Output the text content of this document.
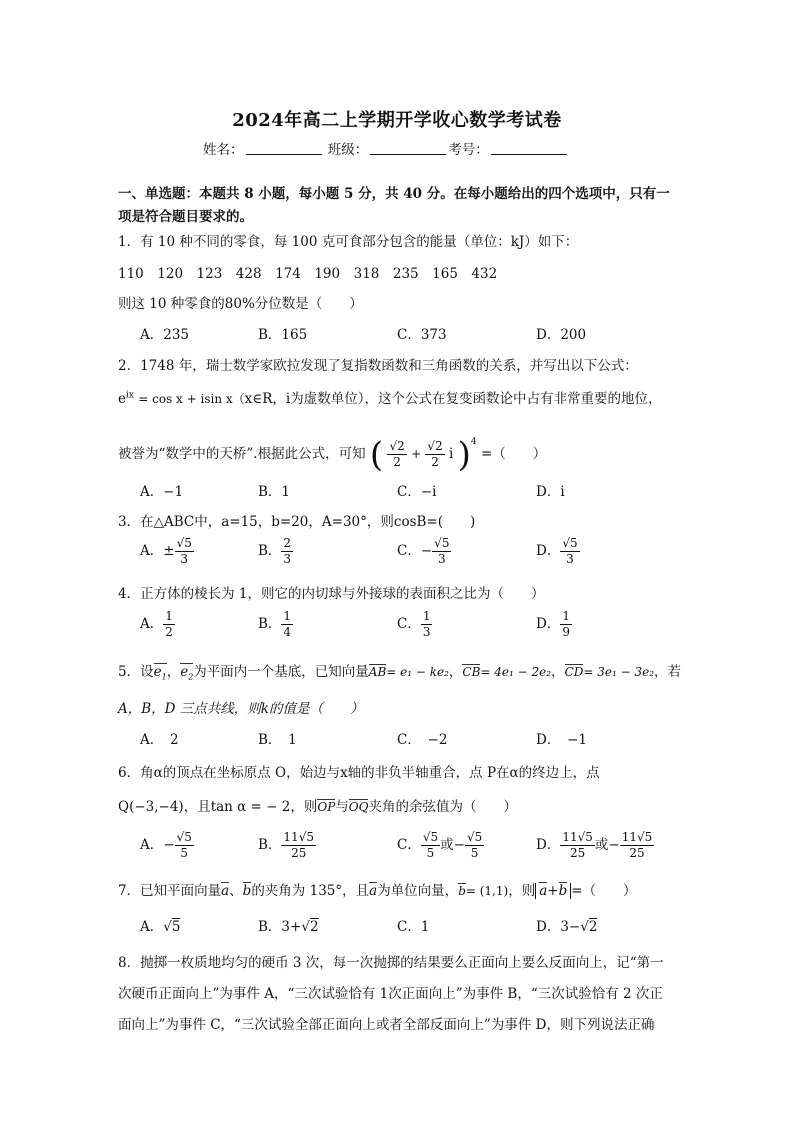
2024年高二上学期开学收心数学考试卷
姓名：	班级：	考号：
一、单选题：本题共 8 小题，每小题 5 分，共 40 分。在每小题给出的四个选项中，只有一
项是符合题目要求的。
1．有 10 种不同的零食，每 100 克可食部分包含的能量（单位：kJ）如下：
110　120　123　428　174　190　318　235　165　432
则这 10 种零食的80%分位数是（　　）
A．235	B．165	C．373	D．200
2．1748 年，瑞士数学家欧拉发现了复指数函数和三角函数的关系，并写出以下公式：
$e^{ix} = \cos x + isin$ x（x∈R，i为虚数单位），这个公式在复变函数论中占有非常重要的地位，
被誉为“数学中的天桥”.根据此公式，可知 ( $\frac{√2}{2} + \frac{√2}{2}$ i )$^4$ =（　　）
A．−1	B．1	C．−i	D．i
3．在△ABC中，a=15，b=20，A=30°，则cosB=(　　)
A．± $\frac{√5}{3}$	B． $\frac{2}{3}$	C．− $\frac{√5}{3}$	D． $\frac{√5}{3}$
4．正方体的棱长为 1，则它的内切球与外接球的表面积之比为（　　）
A． $\frac{1}{2}$	B． $\frac{1}{4}$	C． $\frac{1}{3}$	D． $\frac{1}{9}$
5．设$e_1$，$e_2$为平面内一个基底，已知向量AB= e₁ − ke₂，CB= 4e₁ − 2e₂，CD= 3e₁ − 3e₂，若
A，B，D 三点共线，则k的值是（　　）
A．　2	B．　1	C．　−2	D．　−1
6．角α的顶点在坐标原点 O，始边与x轴的非负半轴重合，点 P在α的终边上，点
Q(−3,−4)，且tan α = − 2，则OP与OQ夹角的余弦值为（　　）
A．− $\frac{√5}{5}$	B． $\frac{11√5}{25}$	C． $\frac{√5}{5}$ 或− $\frac{√5}{5}$	D． $\frac{11√5}{25}$ 或− $\frac{11√5}{25}$
7．已知平面向量a、b的夹角为 135°，且a为单位向量，b= (1,1)，则 a+b =（　　）
A．√5	B．3+√2	C．1	D．3−√2
8．抛掷一枚质地均匀的硬币 3 次，每一次抛掷的结果要么正面向上要么反面向上，记“第一
次硬币正面向上”为事件 A，“三次试验恰有 1次正面向上”为事件 B，“三次试验恰有 2 次正
面向上”为事件 C，“三次试验全部正面向上或者全部反面向上”为事件 D，则下列说法正确
